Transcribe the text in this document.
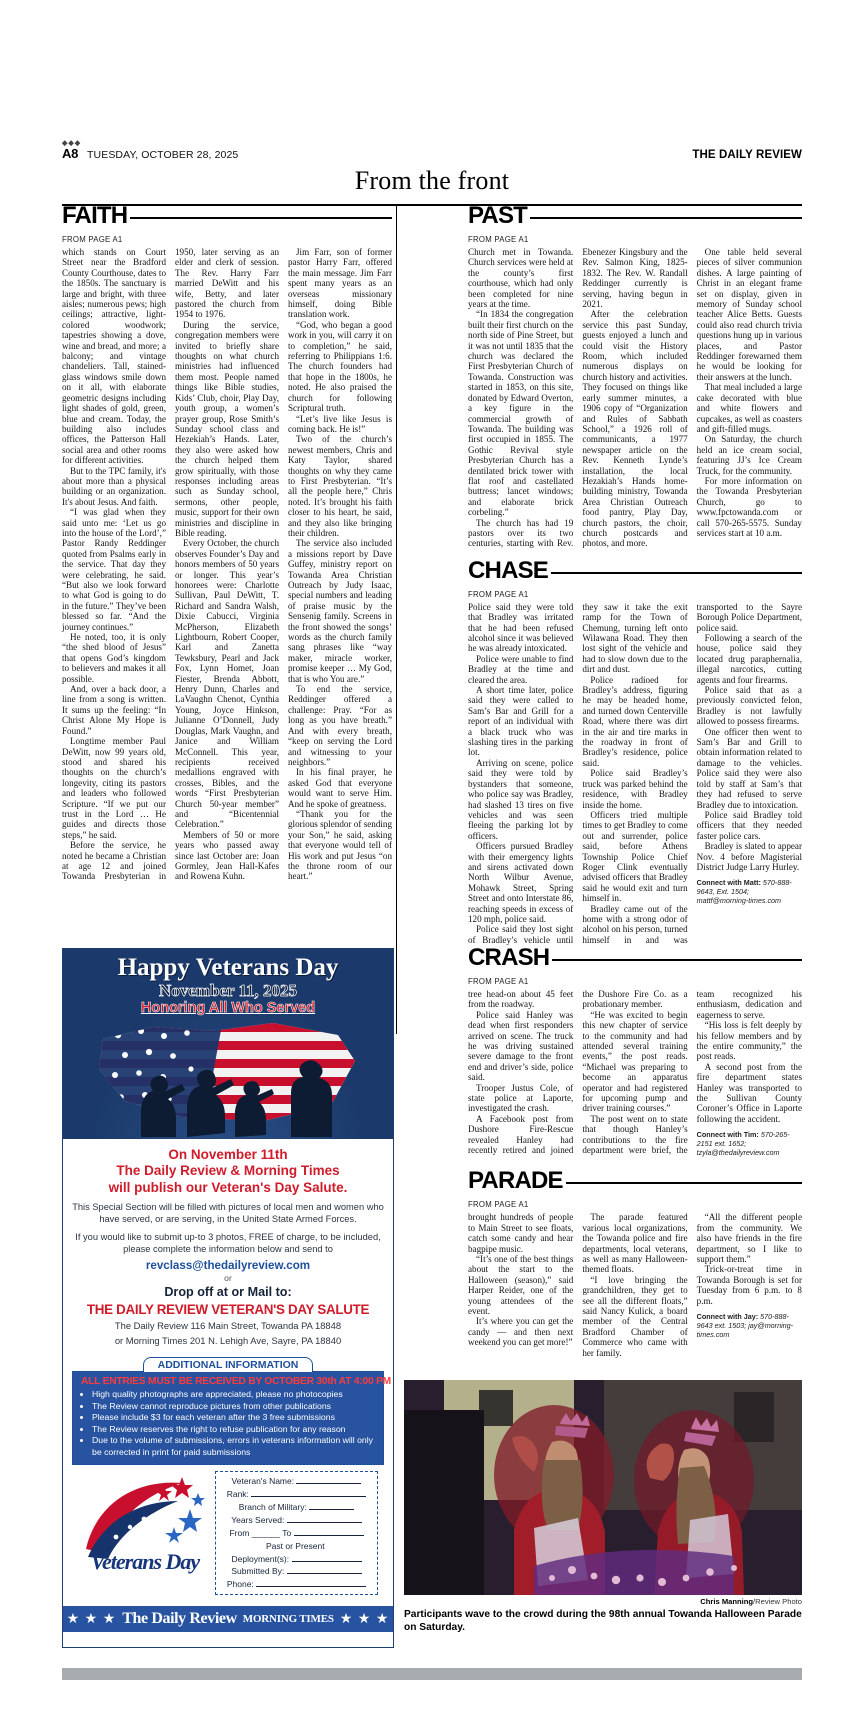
◆◆◆
A8 TUESDAY, OCTOBER 28, 2025	THE DAILY REVIEW
From the front
FAITH
FROM PAGE A1

which stands on Court Street near the Bradford County Courthouse, dates to the 1850s. The sanctuary is large and bright, with three aisles; numerous pews; high ceilings; attractive, light-colored woodwork; tapestries showing a dove, wine and bread, and more; a balcony; and vintage chandeliers. Tall, stained-glass windows smile down on it all, with elaborate geometric designs including light shades of gold, green, blue and cream. Today, the building also includes offices, the Patterson Hall social area and other rooms for different activities.

But to the TPC family, it's about more than a physical building or an organization. It's about Jesus. And faith.

“I was glad when they said unto me: ‘Let us go into the house of the Lord’,” Pastor Randy Reddinger quoted from Psalms early in the service. That day they were celebrating, he said. “But also we look forward to what God is going to do in the future.” They’ve been blessed so far. “And the journey continues.”

He noted, too, it is only “the shed blood of Jesus” that opens God’s kingdom to believers and makes it all possible.

And, over a back door, a line from a song is written. It sums up the feeling: “In Christ Alone My Hope is Found.”

Longtime member Paul DeWitt, now 99 years old, stood and shared his thoughts on the church’s longevity, citing its pastors and leaders who followed Scripture. “If we put our trust in the Lord … He guides and directs those steps,” he said.

Before the service, he noted he became a Christian at age 12 and joined Towanda Presbyterian in 1950, later serving as an elder and clerk of session. The Rev. Harry Farr married DeWitt and his wife, Betty, and later pastored the church from 1954 to 1976.

During the service, congregation members were invited to briefly share thoughts on what church ministries had influenced them most. People named things like Bible studies, Kids’ Club, choir, Play Day, youth group, a women’s prayer group, Rose Smith’s Sunday school class and Hezekiah’s Hands. Later, they also were asked how the church helped them grow spiritually, with those responses including areas such as Sunday school, sermons, other people, music, support for their own ministries and discipline in Bible reading.

Every October, the church observes Founder’s Day and honors members of 50 years or longer. This year’s honorees were: Charlotte Sullivan, Paul DeWitt, T. Richard and Sandra Walsh, Dixie Cabucci, Virginia McPherson, Elizabeth Lightbourn, Robert Cooper, Karl and Zanetta Tewksbury, Pearl and Jack Fox, Lynn Homet, Joan Fiester, Brenda Abbott, Henry Dunn, Charles and LaVaughn Chenot, Cynthia Young, Joyce Hinkson, Julianne O’Donnell, Judy Douglas, Mark Vaughn, and Janice and William McConnell. This year, recipients received medallions engraved with crosses, Bibles, and the words “First Presbyterian Church 50-year member” and “Bicentennial Celebration.”

Members of 50 or more years who passed away since last October are: Joan Gormley, Jean Hall-Kafes and Rowena Kuhn.

Jim Farr, son of former pastor Harry Farr, offered the main message. Jim Farr spent many years as an overseas missionary himself, doing Bible translation work.

“God, who began a good work in you, will carry it on to completion,” he said, referring to Philippians 1:6. The church founders had that hope in the 1800s, he noted. He also praised the church for following Scriptural truth.

“Let’s live like Jesus is coming back. He is!”

Two of the church’s newest members, Chris and Katy Taylor, shared thoughts on why they came to First Presbyterian. “It’s all the people here,” Chris noted. It’s brought his faith closer to his heart, he said, and they also like bringing their children.

The service also included a missions report by Dave Guffey, ministry report on Towanda Area Christian Outreach by Judy Isaac, special numbers and leading of praise music by the Sensenig family. Screens in the front showed the songs’ words as the church family sang phrases like “way maker, miracle worker, promise keeper … My God, that is who You are.”

To end the service, Reddinger offered a challenge: Pray. “For as long as you have breath.” And with every breath, “keep on serving the Lord and witnessing to your neighbors.”

In his final prayer, he asked God that everyone would want to serve Him. And he spoke of greatness.

“Thank you for the glorious splendor of sending your Son,” he said, asking that everyone would tell of His work and put Jesus “on the throne room of our heart.”

PAST
FROM PAGE A1

Church met in Towanda. Church services were held at the county’s first courthouse, which had only been completed for nine years at the time.

“In 1834 the congregation built their first church on the north side of Pine Street, but it was not until 1835 that the church was declared the First Presbyterian Church of Towanda. Construction was started in 1853, on this site, donated by Edward Overton, a key figure in the commercial growth of Towanda. The building was first occupied in 1855. The Gothic Revival style Presbyterian Church has a dentilated brick tower with flat roof and castellated buttress; lancet windows; and elaborate brick corbeling.”

The church has had 19 pastors over its two centuries, starting with Rev. Ebenezer Kingsbury and the Rev. Salmon King, 1825-1832. The Rev. W. Randall Reddinger currently is serving, having begun in 2021.

After the celebration service this past Sunday, guests enjoyed a lunch and could visit the History Room, which included numerous displays on church history and activities. They focused on things like early summer minutes, a 1906 copy of “Organization and Rules of Sabbath School,” a 1926 roll of communicants, a 1977 newspaper article on the Rev. Kenneth Lynde’s installation, the local Hezakiah’s Hands home-building ministry, Towanda Area Christian Outreach food pantry, Play Day, church pastors, the choir, church postcards and photos, and more.

One table held several pieces of silver communion dishes. A large painting of Christ in an elegant frame set on display, given in memory of Sunday school teacher Alice Betts. Guests could also read church trivia questions hung up in various places, and Pastor Reddinger forewarned them he would be looking for their answers at the lunch.

That meal included a large cake decorated with blue and white flowers and cupcakes, as well as coasters and gift-filled mugs.

On Saturday, the church held an ice cream social, featuring JJ’s Ice Cream Truck, for the community.

For more information on the Towanda Presbyterian Church, go to www.fpctowanda.com or call 570-265-5575. Sunday services start at 10 a.m.

CHASE
FROM PAGE A1

Police said they were told that Bradley was irritated that he had been refused alcohol since it was believed he was already intoxicated.

Police were unable to find Bradley at the time and cleared the area.

A short time later, police said they were called to Sam’s Bar and Grill for a report of an individual with a black truck who was slashing tires in the parking lot.

Arriving on scene, police said they were told by bystanders that someone, who police say was Bradley, had slashed 13 tires on five vehicles and was seen fleeing the parking lot by officers.

Officers pursued Bradley with their emergency lights and sirens activated down North Wilbur Avenue, Mohawk Street, Spring Street and onto Interstate 86, reaching speeds in excess of 120 mph, police said.

Police said they lost sight of Bradley’s vehicle until they saw it take the exit ramp for the Town of Chemung, turning left onto Wilawana Road. They then lost sight of the vehicle and had to slow down due to the dirt and dust.

Police radioed for Bradley’s address, figuring he may be headed home, and turned down Centerville Road, where there was dirt in the air and tire marks in the roadway in front of Bradley’s residence, police said.

Police said Bradley’s truck was parked behind the residence, with Bradley inside the home.

Officers tried multiple times to get Bradley to come out and surrender, police said, before Athens Township Police Chief Roger Clink eventually advised officers that Bradley said he would exit and turn himself in.

Bradley came out of the home with a strong odor of alcohol on his person, turned himself in and was transported to the Sayre Borough Police Department, police said.

Following a search of the house, police said they located drug paraphernalia, illegal narcotics, cutting agents and four firearms.

Police said that as a previously convicted felon, Bradley is not lawfully allowed to possess firearms.

One officer then went to Sam’s Bar and Grill to obtain information related to damage to the vehicles. Police said they were also told by staff at Sam’s that they had refused to serve Bradley due to intoxication.

Police said Bradley told officers that they needed faster police cars.

Bradley is slated to appear Nov. 4 before Magisterial District Judge Larry Hurley.

Connect with Matt: 570-888-9643, Ext. 1504; mattf@morning-times.com
CRASH
FROM PAGE A1

tree head-on about 45 feet from the roadway.

Police said Hanley was dead when first responders arrived on scene. The truck he was driving sustained severe damage to the front end and driver’s side, police said.

Trooper Justus Cole, of state police at Laporte, investigated the crash.

A Facebook post from Dushore Fire-Rescue revealed Hanley had recently retired and joined the Dushore Fire Co. as a probationary member.

“He was excited to begin this new chapter of service to the community and had attended several training events,” the post reads. “Michael was preparing to become an apparatus operator and had registered for upcoming pump and driver training courses.”

The post went on to state that though Hanley’s contributions to the fire department were brief, the team recognized his enthusiasm, dedication and eagerness to serve.

“His loss is felt deeply by his fellow members and by the entire community,” the post reads.

A second post from the fire department states Hanley was transported to the Sullivan County Coroner’s Office in Laporte following the accident.

Connect with Tim: 570-265-2151 ext. 1652; tzyla@thedailyreview.com
PARADE
FROM PAGE A1

brought hundreds of people to Main Street to see floats, catch some candy and hear bagpipe music.

“It’s one of the best things about the start to the Halloween (season),” said Harper Reider, one of the young attendees of the event.

It’s where you can get the candy — and then next weekend you can get more!”

The parade featured various local organizations, the Towanda police and fire departments, local veterans, as well as many Halloween-themed floats.

“I love bringing the grandchildren, they get to see all the different floats,” said Nancy Kulick, a board member of the Central Bradford Chamber of Commerce who came with her family.

“All the different people from the community. We also have friends in the fire department, so I like to support them.”

Trick-or-treat time in Towanda Borough is set for Tuesday from 6 p.m. to 8 p.m.

Connect with Jay: 570-888-9643 ext. 1503; jay@morning-times.com
Happy Veterans Day
November 11, 2025
Honoring All Who Served
On November 11th
The Daily Review & Morning Times
will publish our Veteran's Day Salute.
This Special Section will be filled with pictures of local men and women who have served, or are serving, in the United State Armed Forces.
If you would like to submit up-to 3 photos, FREE of charge, to be included, please complete the information below and send to
revclass@thedailyreview.com
or
Drop off at or Mail to:
THE DAILY REVIEW VETERAN'S DAY SALUTE
The Daily Review 116 Main Street, Towanda PA 18848
or Morning Times 201 N. Lehigh Ave, Sayre, PA 18840
ADDITIONAL INFORMATION
ALL ENTRIES MUST BE RECEIVED BY OCTOBER 30th AT 4:00 PM
• High quality photographs are appreciated, please no photocopies
• The Review cannot reproduce pictures from other publications
• Please include $3 for each veteran after the 3 free submissions
• The Review reserves the right to refuse publication for any reason
• Due to the volume of submissions, errors in veterans information will only be corrected in print for paid submissions
Veterans Day
Veteran's Name:
Rank:
Branch of Military:
Years Served:
From ______ To
Past or Present
Deployment(s):
Submitted By:
Phone:
★ ★ ★ The Daily Review MORNING TIMES ★ ★ ★
Chris Manning/Review Photo
Participants wave to the crowd during the 98th annual Towanda Halloween Parade on Saturday.
